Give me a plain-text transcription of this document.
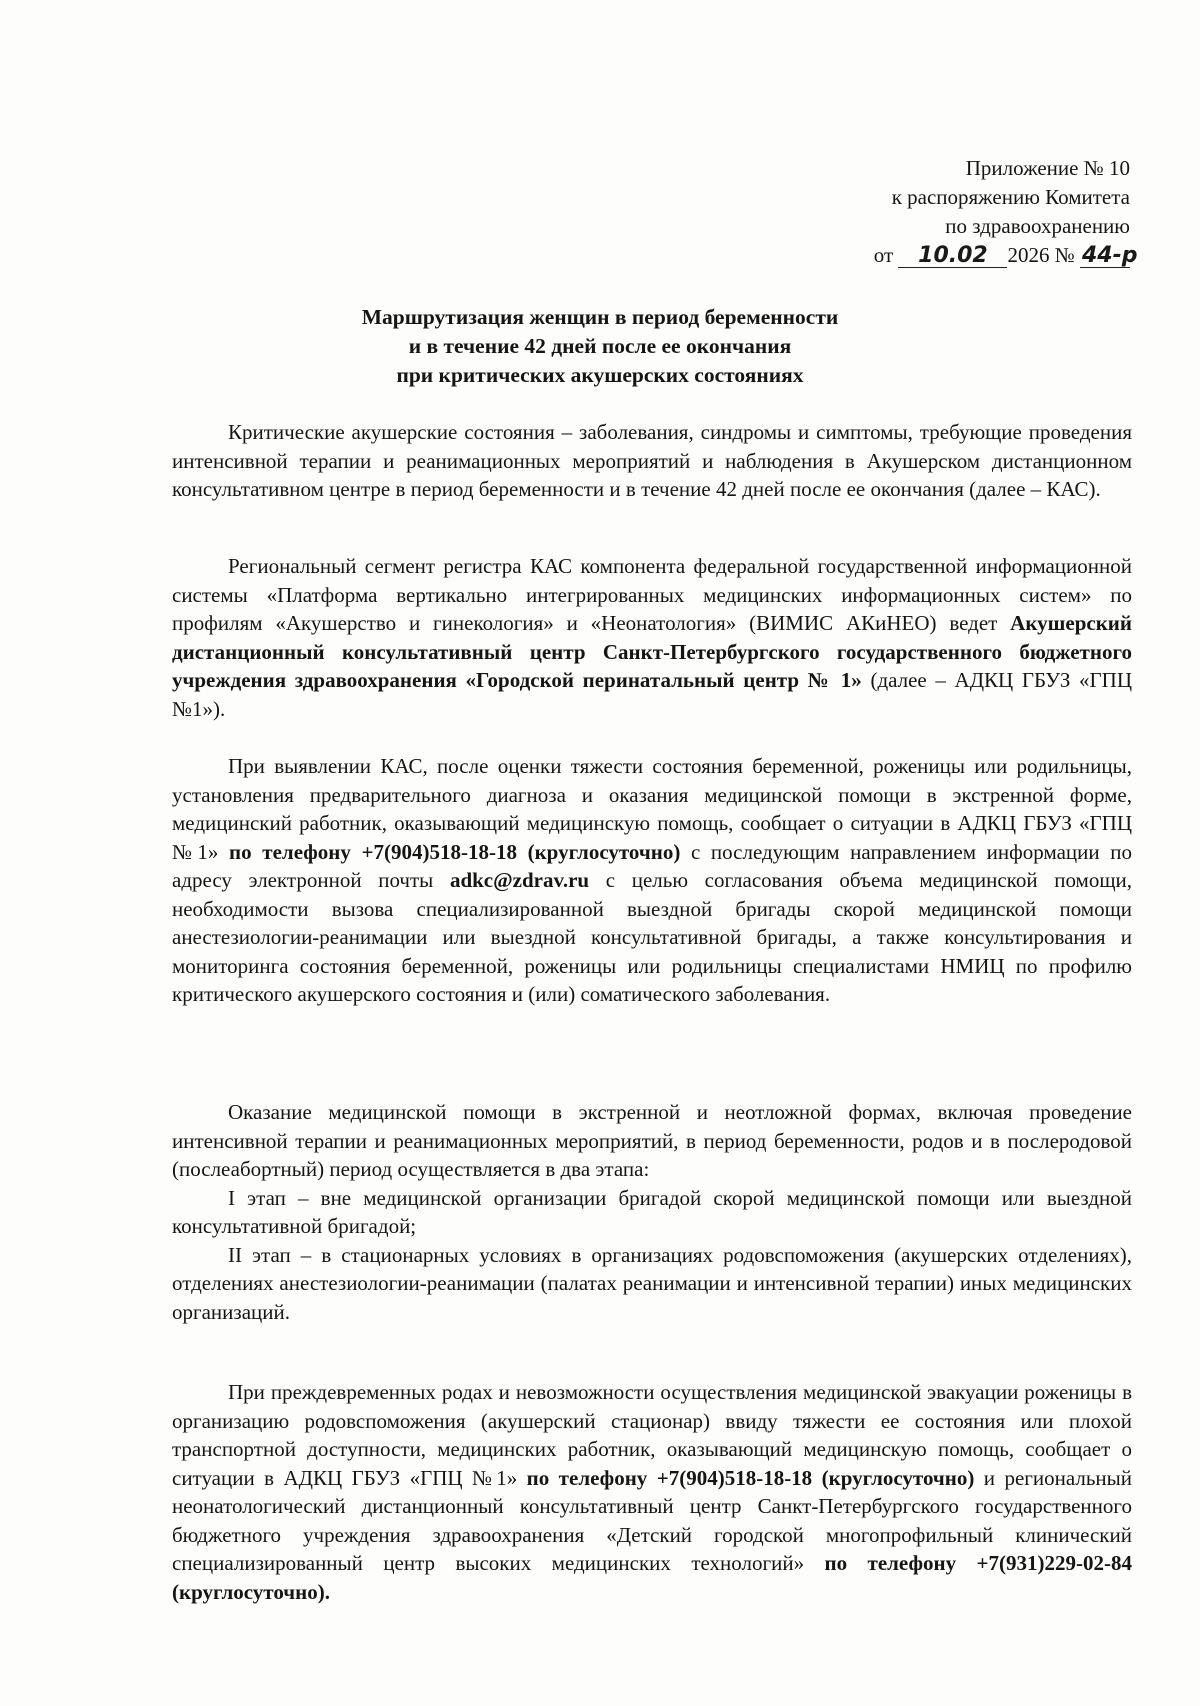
Приложение № 10
к распоряжению Комитета
по здравоохранению
от 10.02 2026 № 44-р
Маршрутизация женщин в период беременности
и в течение 42 дней после ее окончания
при критических акушерских состояниях

Критические акушерские состояния – заболевания, синдромы и симптомы, требующие проведения интенсивной терапии и реанимационных мероприятий и наблюдения в Акушерском дистанционном консультативном центре в период беременности и в течение 42 дней после ее окончания (далее – КАС).

Региональный сегмент регистра КАС компонента федеральной государственной информационной системы «Платформа вертикально интегрированных медицинских информационных систем» по профилям «Акушерство и гинекология» и «Неонатология» (ВИМИС АКиНЕО) ведет Акушерский дистанционный консультативный центр Санкт-Петербургского государственного бюджетного учреждения здравоохранения «Городской перинатальный центр № 1» (далее – АДКЦ ГБУЗ «ГПЦ №1»).

При выявлении КАС, после оценки тяжести состояния беременной, роженицы или родильницы, установления предварительного диагноза и оказания медицинской помощи в экстренной форме, медицинский работник, оказывающий медицинскую помощь, сообщает о ситуации в АДКЦ ГБУЗ «ГПЦ №1» по телефону +7(904)518-18-18 (круглосуточно) с последующим направлением информации по адресу электронной почты adkc@zdrav.ru с целью согласования объема медицинской помощи, необходимости вызова специализированной выездной бригады скорой медицинской помощи анестезиологии-реанимации или выездной консультативной бригады, а также консультирования и мониторинга состояния беременной, роженицы или родильницы специалистами НМИЦ по профилю критического акушерского состояния и (или) соматического заболевания.

Оказание медицинской помощи в экстренной и неотложной формах, включая проведение интенсивной терапии и реанимационных мероприятий, в период беременности, родов и в послеродовой (послеабортный) период осуществляется в два этапа:

I этап – вне медицинской организации бригадой скорой медицинской помощи или выездной консультативной бригадой;

II этап – в стационарных условиях в организациях родовспоможения (акушерских отделениях), отделениях анестезиологии-реанимации (палатах реанимации и интенсивной терапии) иных медицинских организаций.

При преждевременных родах и невозможности осуществления медицинской эвакуации роженицы в организацию родовспоможения (акушерский стационар) ввиду тяжести ее состояния или плохой транспортной доступности, медицинских работник, оказывающий медицинскую помощь, сообщает о ситуации в АДКЦ ГБУЗ «ГПЦ №1» по телефону +7(904)518-18-18 (круглосуточно) и региональный неонатологический дистанционный консультативный центр Санкт-Петербургского государственного бюджетного учреждения здравоохранения «Детский городской многопрофильный клинический специализированный центр высоких медицинских технологий» по телефону +7(931)229-02-84 (круглосуточно).
